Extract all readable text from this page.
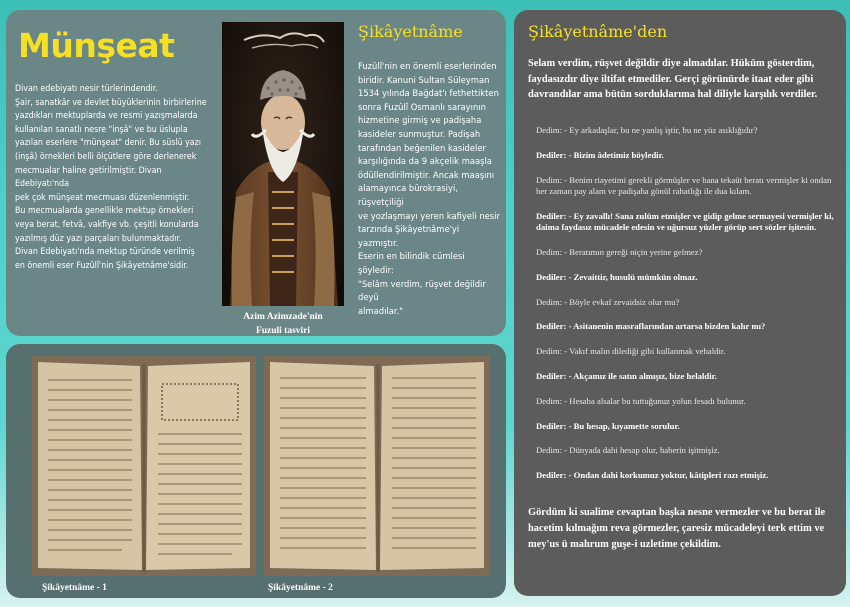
Münşeat
Divan edebiyatı nesir türlerindendir.
Şair, sanatkâr ve devlet büyüklerinin birbirlerine
yazdıkları mektuplarda ve resmi yazışmalarda
kullanılan sanatlı nesre "inşâ" ve bu üslupla
yazılan eserlere "münşeat" denir. Bu süslü yazı
(inşâ) örnekleri belli ölçütlere göre derlenerek
mecmualar haline getirilmiştir. Divan Edebiyatı'nda
pek çok münşeat mecmuası düzenlenmiştir.
Bu mecmualarda genellikle mektup örnekleri
veya berat, fetvâ, vakfiye vb. çeşitli konularda
yazılmış düz yazı parçaları bulunmaktadır.
Divan Edebiyatı'nda mektup türünde verilmiş
en önemli eser Fuzûlî'nin Şikâyetnâme'sidir.
Azim Azimzade'nin
Fuzuli tasviri
Şikâyetnâme
Fuzûlî'nin en önemli eserlerinden
biridir. Kanuni Sultan Süleyman
1534 yılında Bağdat'ı fethettikten
sonra Fuzûlî Osmanlı sarayının
hizmetine girmiş ve padişaha
kasideler sunmuştur. Padişah
tarafından beğenilen kasideler
karşılığında da 9 akçelik maaşla
ödüllendirilmiştir. Ancak maaşını
alamayınca bürokrasiyi, rüşvetçiliği
ve yozlaşmayı yeren kafiyeli nesir
tarzında Şikâyetnâme'yi yazmıştır.
Eserin en bilindik cümlesi şöyledir:
"Selâm verdim, rüşvet değildir deyü
almadılar."
Şikâyetnâme - 1	Şikâyetnâme - 2
Şikâyetnâme'den
Selam verdim, rüşvet değildir diye almadılar. Hüküm gösterdim, faydasızdır diye iltifat etmediler. Gerçi görünürde itaat eder gibi davrandılar ama bütün sorduklarıma hal diliyle karşılık verdiler.
Dedim: - Ey arkadaşlar, bu ne yanlış iştir, bu ne yüz asıklığıdır?
Dediler: - Bizim âdetimiz böyledir.
Dedim: - Benim riayetimi gerekli görmüşler ve bana tekaüt beratı vermişler ki ondan her zaman pay alam ve padişaha gönül rahatlığı ile dua kılam.
Dediler: - Ey zavallı! Sana zulüm etmişler ve gidip gelme sermayesi vermişler ki, daima faydasız mücadele edesin ve uğursuz yüzler görüp sert sözler işitesin.
Dedim: - Beratımın gereği niçin yerine gelmez?
Dediler: - Zevaittir, husulü mümkün olmaz.
Dedim: - Böyle evkaf zevaidsiz olur mu?
Dediler: - Asitanenin masraflarından artarsa bizden kalır mı?
Dedim: - Vakıf malın dilediği gibi kullanmak vebaldir.
Dediler: - Akçamız ile satın almışız, bize helaldir.
Dedim: - Hesaba alsalar bu tuttuğunuz yolun fesadı bulunur.
Dediler: - Bu hesap, kıyamette sorulur.
Dedim: - Dünyada dahi hesap olur, haberin işitmişiz.
Dediler: - Ondan dahi korkumuz yoktur, kâtipleri razı etmişiz.
Gördüm ki sualime cevaptan başka nesne vermezler ve bu berat ile hacetim kılmağım reva görmezler, çaresiz mücadeleyi terk ettim ve mey'us ü mahrum guşe-i uzletime çekildim.
